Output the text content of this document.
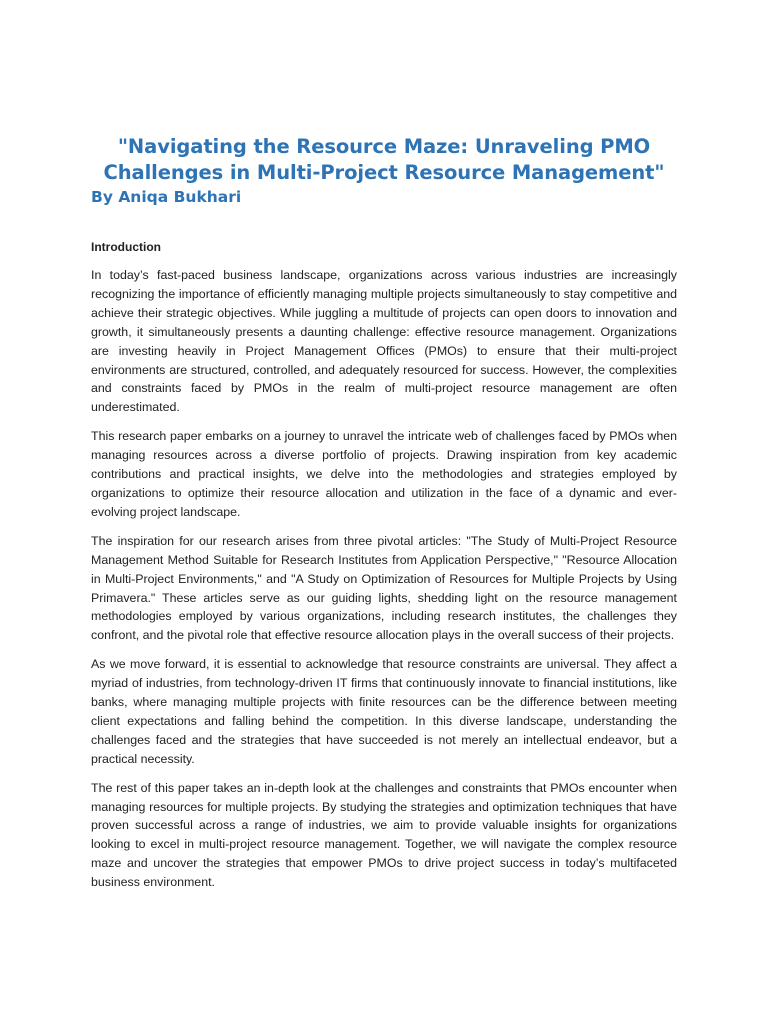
"Navigating the Resource Maze: Unraveling PMO Challenges in Multi-Project Resource Management"

By Aniqa Bukhari

Introduction

In today’s fast-paced business landscape, organizations across various industries are increasingly recognizing the importance of efficiently managing multiple projects simultaneously to stay competitive and achieve their strategic objectives. While juggling a multitude of projects can open doors to innovation and growth, it simultaneously presents a daunting challenge: effective resource management. Organizations are investing heavily in Project Management Offices (PMOs) to ensure that their multi-project environments are structured, controlled, and adequately resourced for success. However, the complexities and constraints faced by PMOs in the realm of multi-project resource management are often underestimated.

This research paper embarks on a journey to unravel the intricate web of challenges faced by PMOs when managing resources across a diverse portfolio of projects. Drawing inspiration from key academic contributions and practical insights, we delve into the methodologies and strategies employed by organizations to optimize their resource allocation and utilization in the face of a dynamic and ever-evolving project landscape.

The inspiration for our research arises from three pivotal articles: "The Study of Multi-Project Resource Management Method Suitable for Research Institutes from Application Perspective," "Resource Allocation in Multi-Project Environments," and "A Study on Optimization of Resources for Multiple Projects by Using Primavera." These articles serve as our guiding lights, shedding light on the resource management methodologies employed by various organizations, including research institutes, the challenges they confront, and the pivotal role that effective resource allocation plays in the overall success of their projects.

As we move forward, it is essential to acknowledge that resource constraints are universal. They affect a myriad of industries, from technology-driven IT firms that continuously innovate to financial institutions, like banks, where managing multiple projects with finite resources can be the difference between meeting client expectations and falling behind the competition. In this diverse landscape, understanding the challenges faced and the strategies that have succeeded is not merely an intellectual endeavor, but a practical necessity.

The rest of this paper takes an in-depth look at the challenges and constraints that PMOs encounter when managing resources for multiple projects. By studying the strategies and optimization techniques that have proven successful across a range of industries, we aim to provide valuable insights for organizations looking to excel in multi-project resource management. Together, we will navigate the complex resource maze and uncover the strategies that empower PMOs to drive project success in today’s multifaceted business environment.
